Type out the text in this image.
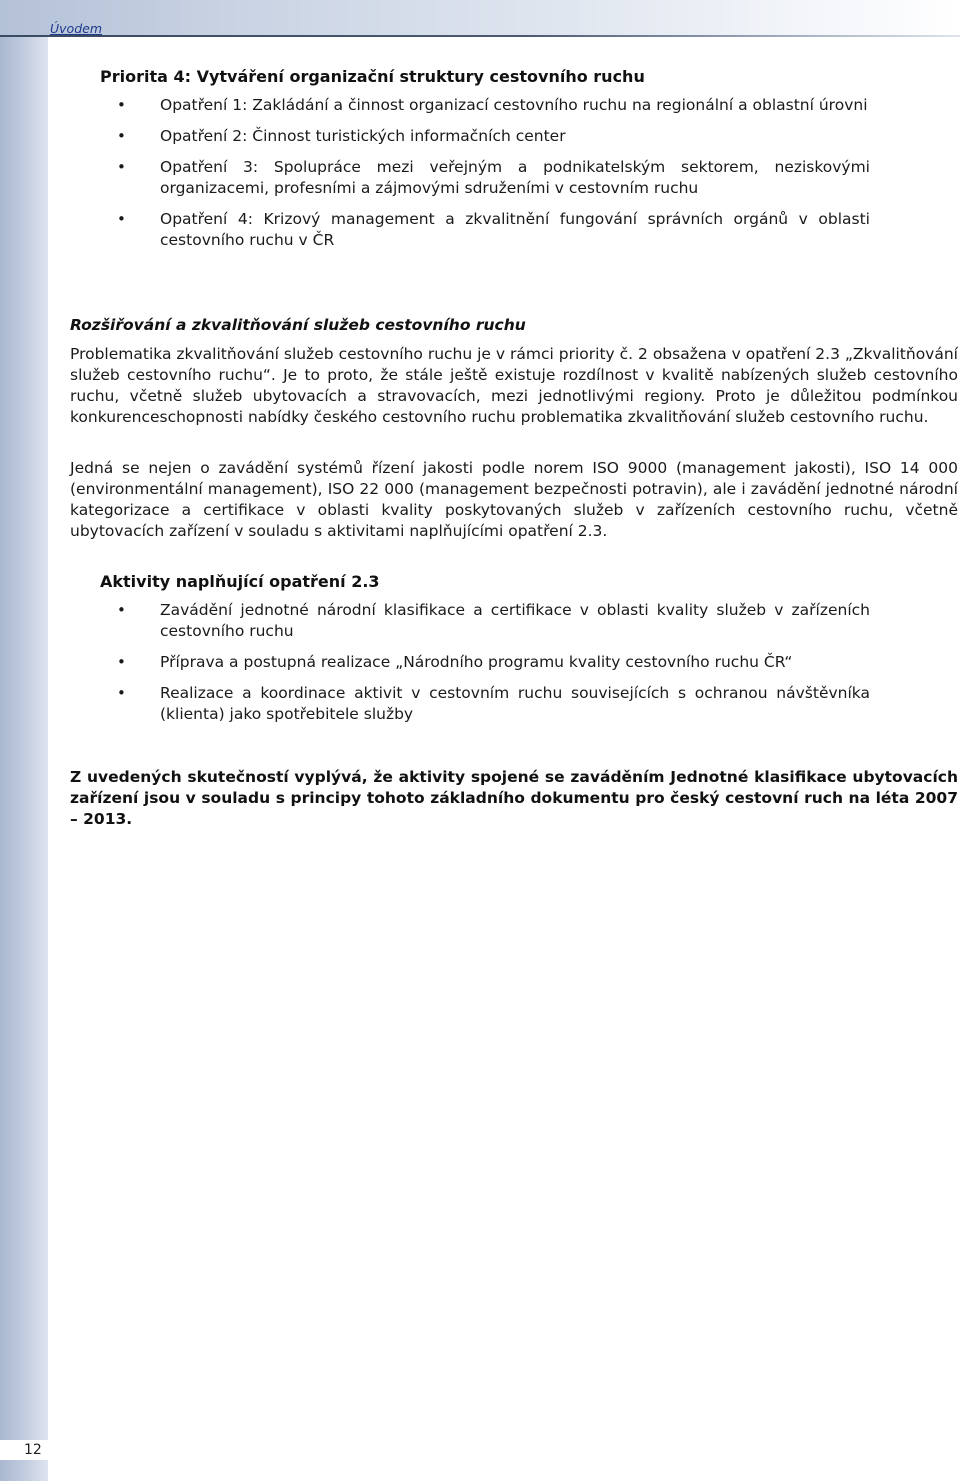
Úvodem
Priorita 4: Vytváření organizační struktury cestovního ruchu
• Opatření 1: Zakládání a činnost organizací cestovního ruchu na regionální a oblastní úrovni
• Opatření 2: Činnost turistických informačních center
• Opatření 3: Spolupráce mezi veřejným a podnikatelským sektorem, neziskovými organizacemi, profesními a zájmovými sdruženími v cestovním ruchu
• Opatření 4: Krizový management a zkvalitnění fungování správních orgánů v oblasti cestovního ruchu v ČR
Rozšiřování a zkvalitňování služeb cestovního ruchu

Problematika zkvalitňování služeb cestovního ruchu je v rámci priority č. 2 obsažena v opatření 2.3 „Zkvalitňování služeb cestovního ruchu“. Je to proto, že stále ještě existuje rozdílnost v kvalitě nabízených služeb cestovního ruchu, včetně služeb ubytovacích a stravovacích, mezi jednotlivými regiony. Proto je důležitou podmínkou konkurenceschopnosti nabídky českého cestovního ruchu problematika zkvalitňování služeb cestovního ruchu.

Jedná se nejen o zavádění systémů řízení jakosti podle norem ISO 9000 (management jakosti), ISO 14 000 (environmentální management), ISO 22 000 (management bezpečnosti potravin), ale i zavádění jednotné národní kategorizace a certifikace v oblasti kvality poskytovaných služeb v zařízeních cestovního ruchu, včetně ubytovacích zařízení v souladu s aktivitami naplňujícími opatření 2.3.

Aktivity naplňující opatření 2.3
• Zavádění jednotné národní klasifikace a certifikace v oblasti kvality služeb v zařízeních cestovního ruchu
• Příprava a postupná realizace „Národního programu kvality cestovního ruchu ČR“
• Realizace a koordinace aktivit v cestovním ruchu souvisejících s ochranou návštěvníka (klienta) jako spotřebitele služby

Z uvedených skutečností vyplývá, že aktivity spojené se zaváděním Jednotné klasifikace ubytovacích zařízení jsou v souladu s principy tohoto základního dokumentu pro český cestovní ruch na léta 2007 – 2013.

12
